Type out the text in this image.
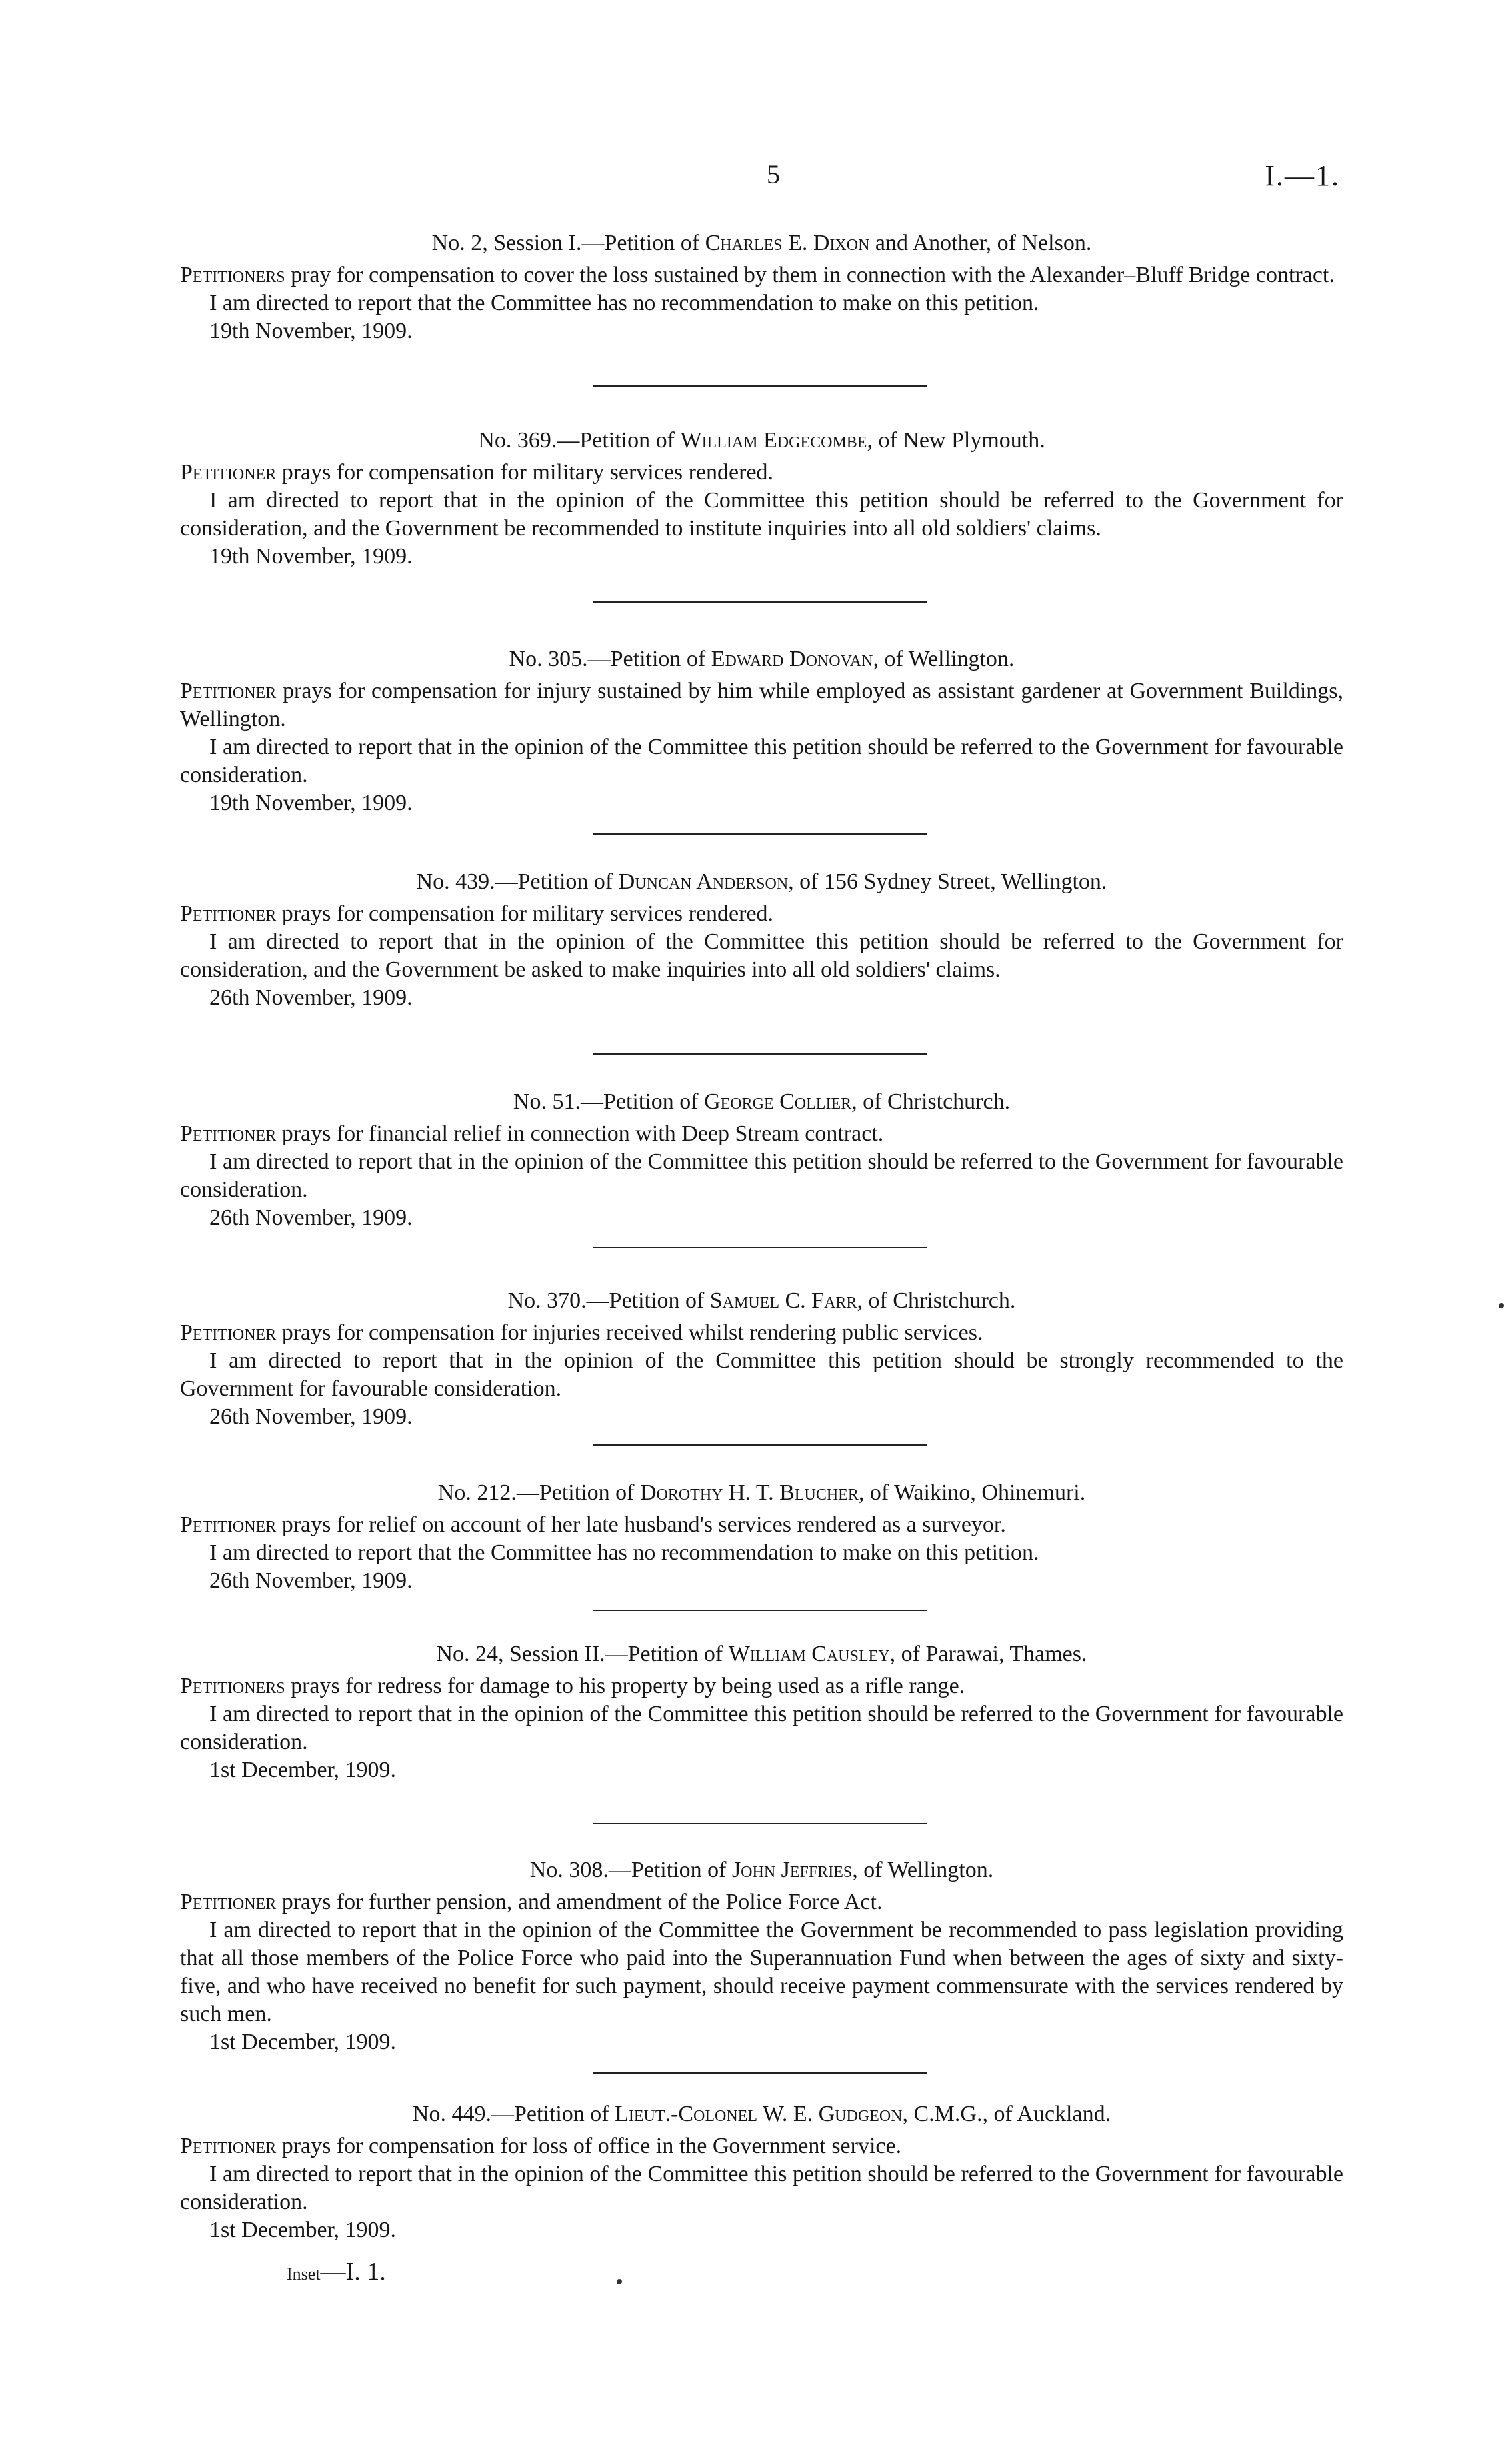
5	I.—1.
No. 2, Session I.—Petition of Charles E. Dixon and Another, of Nelson.

Petitioners pray for compensation to cover the loss sustained by them in connection with the Alexander–Bluff Bridge contract.

I am directed to report that the Committee has no recommendation to make on this petition.

19th November, 1909.
No. 369.—Petition of William Edgecombe, of New Plymouth.

Petitioner prays for compensation for military services rendered.

I am directed to report that in the opinion of the Committee this petition should be referred to the Government for consideration, and the Government be recommended to institute inquiries into all old soldiers' claims.

19th November, 1909.
No. 305.—Petition of Edward Donovan, of Wellington.

Petitioner prays for compensation for injury sustained by him while employed as assistant gardener at Government Buildings, Wellington.

I am directed to report that in the opinion of the Committee this petition should be referred to the Government for favourable consideration.

19th November, 1909.
No. 439.—Petition of Duncan Anderson, of 156 Sydney Street, Wellington.

Petitioner prays for compensation for military services rendered.

I am directed to report that in the opinion of the Committee this petition should be referred to the Government for consideration, and the Government be asked to make inquiries into all old soldiers' claims.

26th November, 1909.
No. 51.—Petition of George Collier, of Christchurch.

Petitioner prays for financial relief in connection with Deep Stream contract.

I am directed to report that in the opinion of the Committee this petition should be referred to the Government for favourable consideration.

26th November, 1909.
No. 370.—Petition of Samuel C. Farr, of Christchurch.

Petitioner prays for compensation for injuries received whilst rendering public services.

I am directed to report that in the opinion of the Committee this petition should be strongly recommended to the Government for favourable consideration.

26th November, 1909.
No. 212.—Petition of Dorothy H. T. Blucher, of Waikino, Ohinemuri.

Petitioner prays for relief on account of her late husband's services rendered as a surveyor.

I am directed to report that the Committee has no recommendation to make on this petition.

26th November, 1909.
No. 24, Session II.—Petition of William Causley, of Parawai, Thames.

Petitioners prays for redress for damage to his property by being used as a rifle range.

I am directed to report that in the opinion of the Committee this petition should be referred to the Government for favourable consideration.

1st December, 1909.
No. 308.—Petition of John Jeffries, of Wellington.

Petitioner prays for further pension, and amendment of the Police Force Act.

I am directed to report that in the opinion of the Committee the Government be recommended to pass legislation providing that all those members of the Police Force who paid into the Superannuation Fund when between the ages of sixty and sixty-five, and who have received no benefit for such payment, should receive payment commensurate with the services rendered by such men.

1st December, 1909.
No. 449.—Petition of Lieut.-Colonel W. E. Gudgeon, C.M.G., of Auckland.

Petitioner prays for compensation for loss of office in the Government service.

I am directed to report that in the opinion of the Committee this petition should be referred to the Government for favourable consideration.

1st December, 1909.
Inset—I. 1.
